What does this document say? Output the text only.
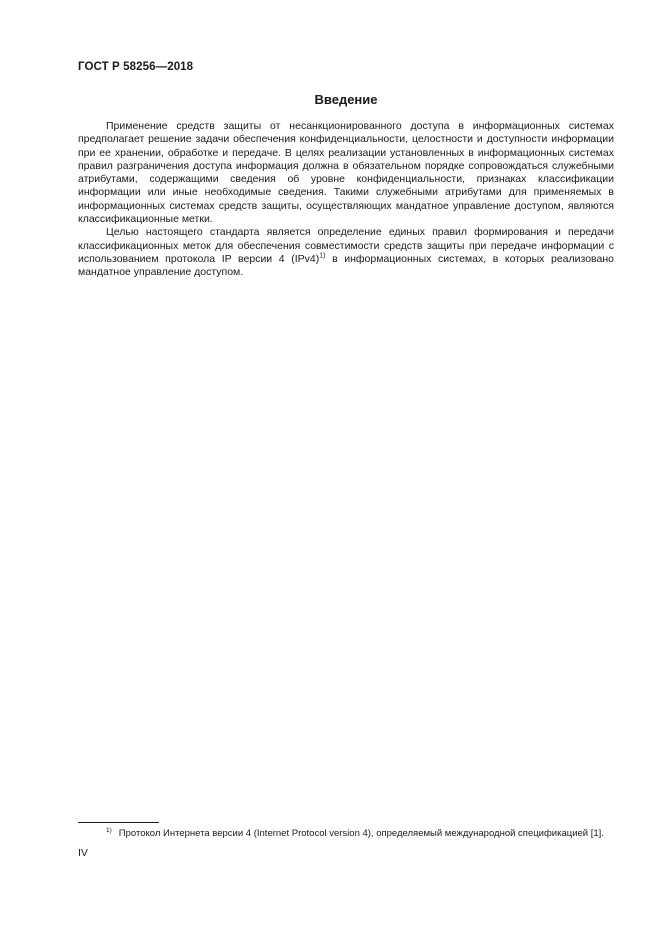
ГОСТ Р 58256—2018
Введение

Применение средств защиты от несанкционированного доступа в информационных системах предполагает решение задачи обеспечения конфиденциальности, целостности и доступности информации при ее хранении, обработке и передаче. В целях реализации установленных в информационных системах правил разграничения доступа информация должна в обязательном порядке сопровождаться служебными атрибутами, содержащими сведения об уровне конфиденциальности, признаках классификации информации или иные необходимые сведения. Такими служебными атрибутами для применяемых в информационных системах средств защиты, осуществляющих мандатное управление доступом, являются классификационные метки.

Целью настоящего стандарта является определение единых правил формирования и передачи классификационных меток для обеспечения совместимости средств защиты при передаче информации с использованием протокола IP версии 4 $(IPv4)^{1)}$ в информационных системах, в которых реализовано мандатное управление доступом.

$^{1)}$ Протокол Интернета версии 4 (Internet Protocol version 4), определяемый международной спецификацией [1].
IV
